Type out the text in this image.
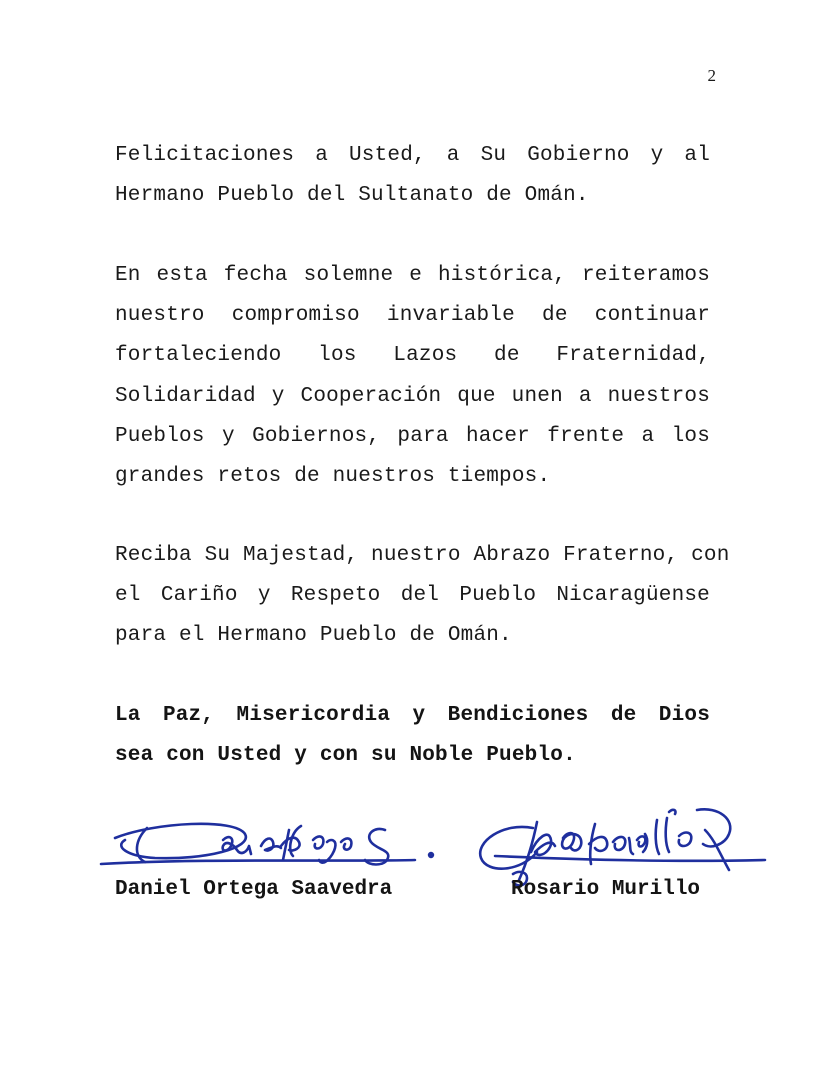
2

Felicitaciones a Usted, a Su Gobierno y al
Hermano Pueblo del Sultanato de Omán.

En esta fecha solemne e histórica, reiteramos
nuestro compromiso invariable de continuar
fortaleciendo los Lazos de Fraternidad,
Solidaridad y Cooperación que unen a nuestros
Pueblos y Gobiernos, para hacer frente a los
grandes retos de nuestros tiempos.

Reciba Su Majestad, nuestro Abrazo Fraterno, con
el Cariño y Respeto del Pueblo Nicaragüense
para el Hermano Pueblo de Omán.

La Paz, Misericordia y Bendiciones de Dios
sea con Usted y con su Noble Pueblo.

Daniel Ortega Saavedra	Rosario Murillo
